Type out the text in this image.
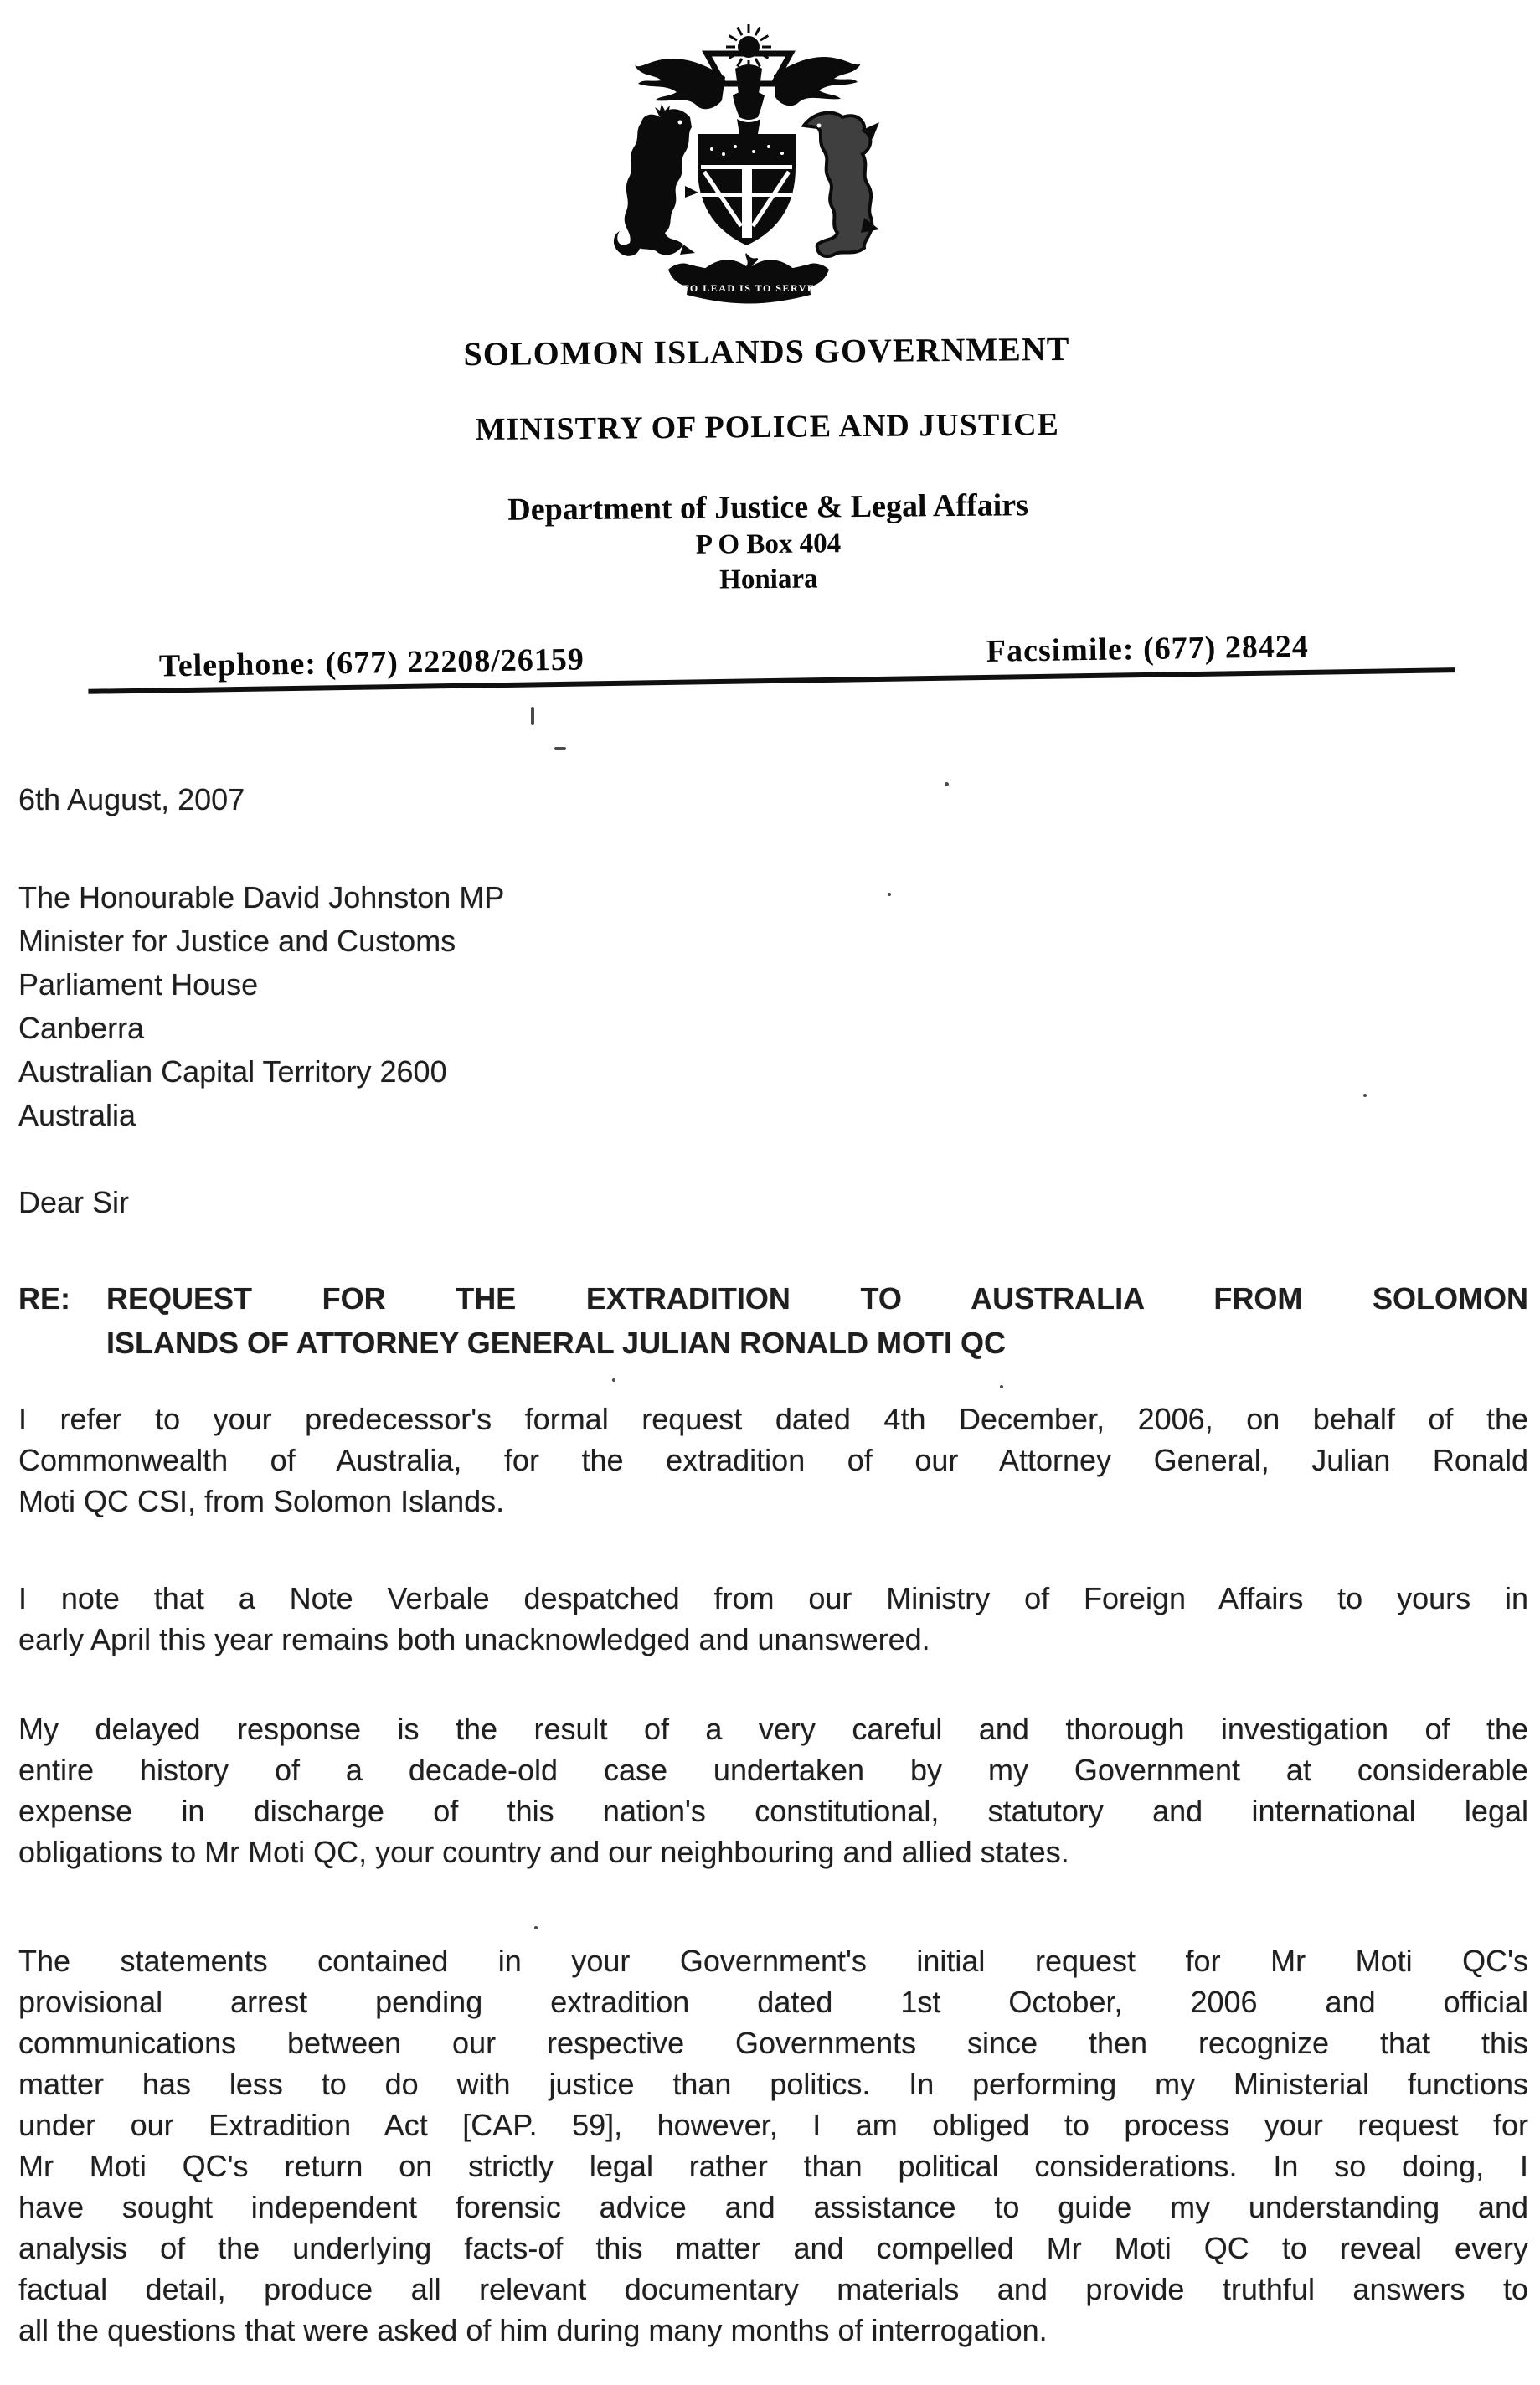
TO LEAD IS TO SERVE
SOLOMON ISLANDS GOVERNMENT
MINISTRY OF POLICE AND JUSTICE
Department of Justice & Legal Affairs
P O Box 404
Honiara
Telephone: (677) 22208/26159	Facsimile: (677) 28424
6th August, 2007
The Honourable David Johnston MP
Minister for Justice and Customs
Parliament House
Canberra
Australian Capital Territory 2600
Australia
Dear Sir
RE: REQUEST FOR THE EXTRADITION TO AUSTRALIA FROM SOLOMON
ISLANDS OF ATTORNEY GENERAL JULIAN RONALD MOTI QC
I refer to your predecessor's formal request dated 4th December, 2006, on behalf of the
Commonwealth of Australia, for the extradition of our Attorney General, Julian Ronald
Moti QC CSI, from Solomon Islands.
I note that a Note Verbale despatched from our Ministry of Foreign Affairs to yours in
early April this year remains both unacknowledged and unanswered.
My delayed response is the result of a very careful and thorough investigation of the
entire history of a decade-old case undertaken by my Government at considerable
expense in discharge of this nation's constitutional, statutory and international legal
obligations to Mr Moti QC, your country and our neighbouring and allied states.
The statements contained in your Government's initial request for Mr Moti QC's
provisional arrest pending extradition dated 1st October, 2006 and official
communications between our respective Governments since then recognize that this
matter has less to do with justice than politics. In performing my Ministerial functions
under our Extradition Act [CAP. 59], however, I am obliged to process your request for
Mr Moti QC's return on strictly legal rather than political considerations. In so doing, I
have sought independent forensic advice and assistance to guide my understanding and
analysis of the underlying facts-of this matter and compelled Mr Moti QC to reveal every
factual detail, produce all relevant documentary materials and provide truthful answers to
all the questions that were asked of him during many months of interrogation.
